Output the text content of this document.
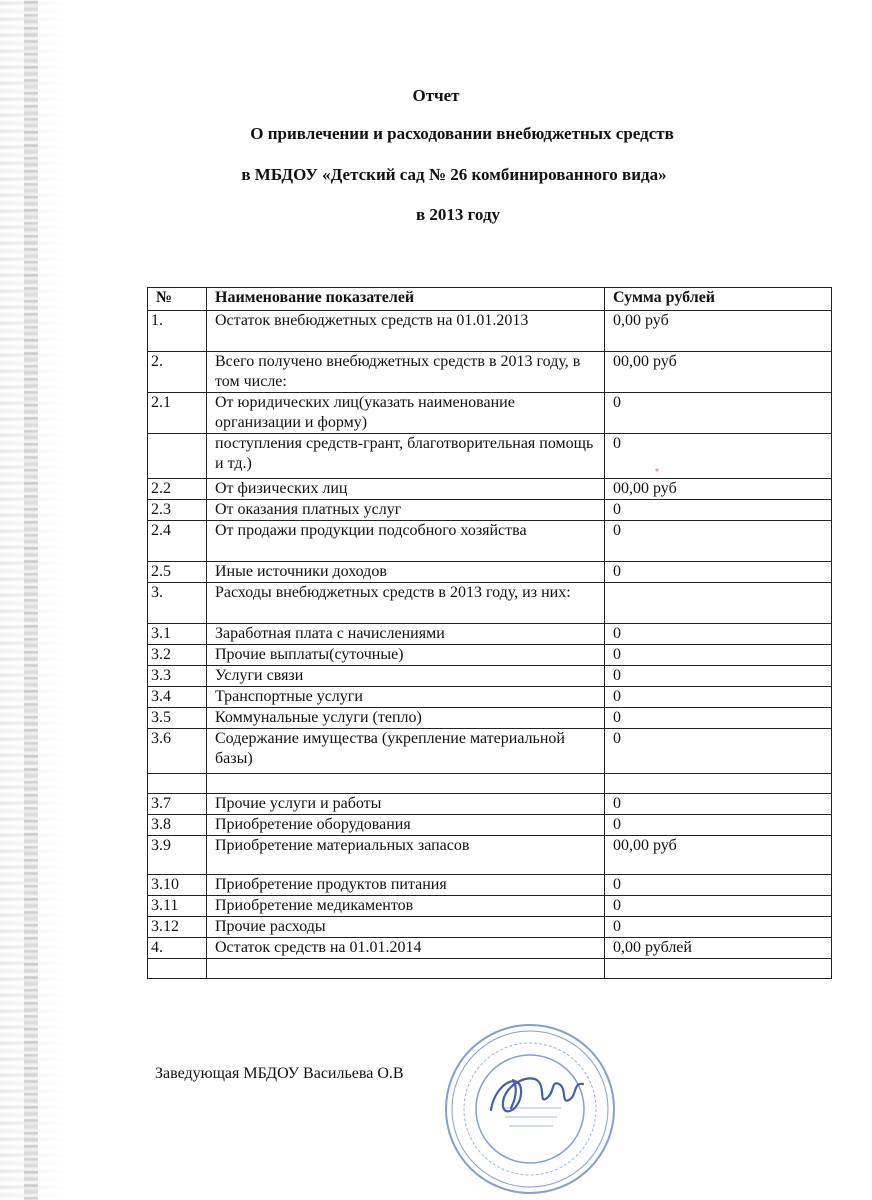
Отчет
О привлечении и расходовании внебюджетных средств
в МБДОУ «Детский сад № 26 комбинированного вида»
в 2013 году
№	Наименование показателей	Сумма рублей
1.	Остаток внебюджетных средств на 01.01.2013	0,00 руб
2.	Всего получено внебюджетных средств в 2013 году, в том числе:	00,00 руб
2.1	От юридических лиц(указать наименование организации и форму)	0
	поступления средств-грант, благотворительная помощь и тд.)	0
2.2	От физических лиц	00,00 руб
2.3	От оказания платных услуг	0
2.4	От продажи продукции подсобного хозяйства	0
2.5	Иные источники доходов	0
3.	Расходы внебюджетных средств в 2013 году, из них:	
3.1	Заработная плата с начислениями	0
3.2	Прочие выплаты(суточные)	0
3.3	Услуги связи	0
3.4	Транспортные услуги	0
3.5	Коммунальные услуги (тепло)	0
3.6	Содержание имущества (укрепление материальной базы)	0

3.7	Прочие услуги и работы	0
3.8	Приобретение оборудования	0
3.9	Приобретение материальных запасов	00,00 руб
3.10	Приобретение продуктов питания	0
3.11	Приобретение медикаментов	0
3.12	Прочие расходы	0
4.	Остаток средств на 01.01.2014	0,00 рублей

Заведующая МБДОУ Васильева О.В
